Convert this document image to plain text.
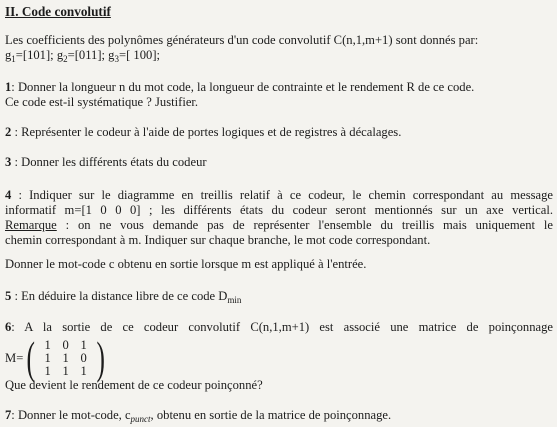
II. Code convolutif
Les coefficients des polynômes générateurs d'un code convolutif C(n,1,m+1) sont donnés par:
$g_1=[101]$; $g_2=[011]$; $g_3=$[ 100];
1: Donner la longueur n du mot code, la longueur de contrainte et le rendement R de ce code.
Ce code est-il systématique ? Justifier.
2 : Représenter le codeur à l'aide de portes logiques et de registres à décalages.
3 : Donner les différents états du codeur
4 : Indiquer sur le diagramme en treillis relatif à ce codeur, le chemin correspondant au message
informatif m=[1 0 0 0] ; les différents états du codeur seront mentionnés sur un axe vertical.
Remarque : on ne vous demande pas de représenter l'ensemble du treillis mais uniquement le
chemin correspondant à m. Indiquer sur chaque branche, le mot code correspondant.
Donner le mot-code c obtenu en sortie lorsque m est appliqué à l'entrée.
5 : En déduire la distance libre de ce code $D_{min}$
6: A la sortie de ce codeur convolutif C(n,1,m+1) est associé une matrice de poinçonnage
M= ( 1 0 1
1 1 0
1 1 1 )
Que devient le rendement de ce codeur poinçonné?
7: Donner le mot-code, $c_{punct}$, obtenu en sortie de la matrice de poinçonnage.
